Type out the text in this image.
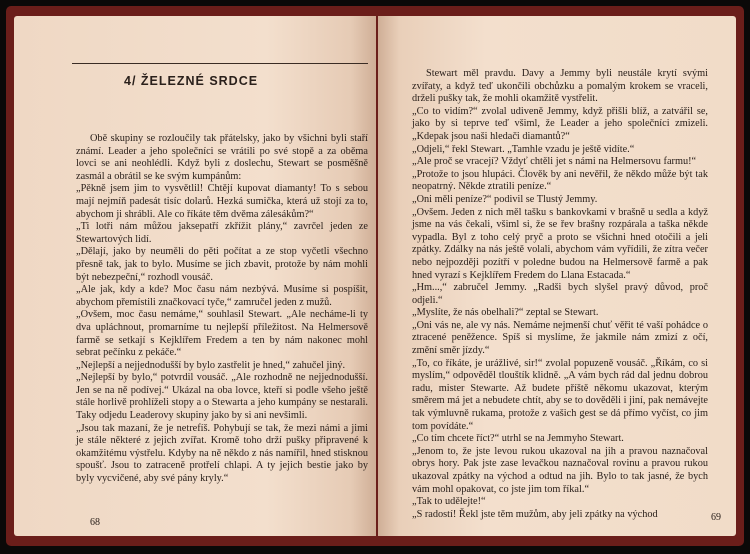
4/ ŽELEZNÉ SRDCE

Obě skupiny se rozloučily tak přátelsky, jako by všichni byli staří známí. Leader a jeho společníci se vrátili po své stopě a za oběma lovci se ani neohlédli. Když byli z doslechu, Stewart se posměšně zasmál a obrátil se ke svým kumpánům:

„Pěkně jsem jim to vysvětlil! Chtějí kupovat diamanty! To s sebou mají nejmíň padesát tisíc dolarů. Hezká sumička, která už stojí za to, abychom ji shrábli. Ale co říkáte těm dvěma zálesákům?“

„Ti lotři nám můžou jaksepatří zkřížit plány,“ zavrčel jeden ze Stewartových lidí.

„Dělají, jako by neuměli do pěti počítat a ze stop vyčetli všechno přesně tak, jak to bylo. Musíme se jich zbavit, protože by nám mohli být nebezpeční,“ rozhodl vousáč.

„Ale jak, kdy a kde? Moc času nám nezbývá. Musíme si pospíšit, abychom přemístili značkovací tyče,“ zamručel jeden z mužů.

„Ovšem, moc času nemáme,“ souhlasil Stewart. „Ale necháme-li ty dva upláchnout, promarníme tu nejlepší příležitost. Na Helmersově farmě se setkají s Kejklířem Fredem a ten by nám nakonec mohl sebrat pečínku z pekáče.“

„Nejlepší a nejjednodušší by bylo zastřelit je hned,“ zahučel jiný.

„Nejlepší by bylo,“ potvrdil vousáč. „Ale rozhodně ne nejjednodušší. Jen se na ně podívej.“ Ukázal na oba lovce, kteří si podle všeho ještě stále horlivě prohlíželi stopy a o Stewarta a jeho kumpány se nestarali. Taky odjedu Leaderovy skupiny jako by si ani nevšimli.

„Jsou tak mazaní, že je netrefíš. Pohybují se tak, že mezi námi a jimi je stále některé z jejich zvířat. Kromě toho drží pušky připravené k okamžitému výstřelu. Kdyby na ně někdo z nás namířil, hned stisknou spoušť. Jsou to zatraceně protřelí chlapi. A ty jejich bestie jako by byly vycvičené, aby své pány kryly.“

68

Stewart měl pravdu. Davy a Jemmy byli neustále krytí svými zvířaty, a když teď ukončili obchůzku a pomalým krokem se vraceli, drželi pušky tak, že mohli okamžitě vystřelit.

„Co to vidím?“ zvolal udiveně Jemmy, když přišli blíž, a zatvářil se, jako by si teprve teď všiml, že Leader a jeho společníci zmizeli. „Kdepak jsou naši hledači diamantů?“

„Odjeli,“ řekl Stewart. „Tamhle vzadu je ještě vidíte.“

„Ale proč se vracejí? Vždyť chtěli jet s námi na Helmersovu farmu!“

„Protože to jsou hlupáci. Člověk by ani nevěřil, že někdo může být tak neopatrný. Někde ztratili peníze.“

„Oni měli peníze?“ podivil se Tlustý Jemmy.

„Ovšem. Jeden z nich měl tašku s bankovkami v brašně u sedla a když jsme na vás čekali, všiml si, že se řev brašny rozpárala a taška někde vypadla. Byl z toho celý pryč a proto se všichni hned otočili a jeli zpátky. Zdálky na nás ještě volali, abychom vám vyřídili, že zítra večer nebo nejpozději pozítří v poledne budou na Helmersově farmě a pak hned vyrazí s Kejklířem Fredem do Llana Estacada.“

„Hm...,“ zabručel Jemmy. „Radši bych slyšel pravý důvod, proč odjeli.“

„Myslíte, že nás obelhali?“ zeptal se Stewart.

„Oni vás ne, ale vy nás. Nemáme nejmenší chuť věřit té vaší pohádce o ztracené peněžence. Spíš si myslíme, že jakmile nám zmizí z očí, změní směr jízdy.“

„To, co říkáte, je urážlivé, sir!“ zvolal popuzeně vousáč. „Říkám, co si myslím,“ odpověděl tlouštík klidně. „A vám bych rád dal jednu dobrou radu, mister Stewarte. Až budete příště někomu ukazovat, kterým směrem má jet a nebudete chtít, aby se to dověděli i jiní, pak nemávejte tak výmluvně rukama, protože z vašich gest se dá přímo vyčíst, co jim tom povídáte.“

„Co tím chcete říct?“ utrhl se na Jemmyho Stewart.

„Jenom to, že jste levou rukou ukazoval na jih a pravou naznačoval obrys hory. Pak jste zase levačkou naznačoval rovinu a pravou rukou ukazoval zpátky na východ a odtud na jih. Bylo to tak jasné, že bych vám mohl opakovat, co jste jim tom říkal.“

„Tak to udělejte!“

„S radostí! Řekl jste těm mužům, aby jeli zpátky na východ	69
